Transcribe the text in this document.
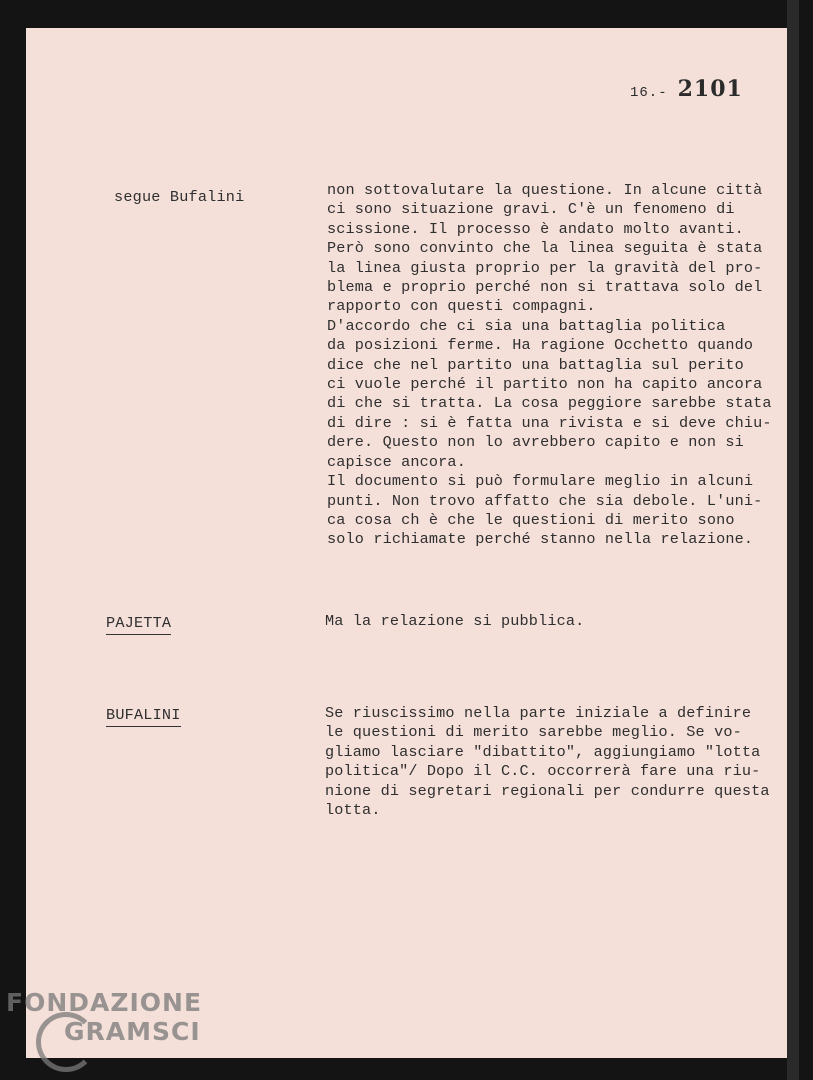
16.- 2101
segue Bufalini	non sottovalutare la questione. In alcune città
ci sono situazione gravi. C'è un fenomeno di
scissione. Il processo è andato molto avanti.
Però sono convinto che la linea seguita è stata
la linea giusta proprio per la gravità del pro-
blema e proprio perché non si trattava solo del
rapporto con questi compagni.
D'accordo che ci sia una battaglia politica
da posizioni ferme. Ha ragione Occhetto quando
dice che nel partito una battaglia sul perito
ci vuole perché il partito non ha capito ancora
di che si tratta. La cosa peggiore sarebbe stata
di dire : si è fatta una rivista e si deve chiu-
dere. Questo non lo avrebbero capito e non si
capisce ancora.
Il documento si può formulare meglio in alcuni
punti. Non trovo affatto che sia debole. L'uni-
ca cosa ch è che le questioni di merito sono
solo richiamate perché stanno nella relazione.
PAJETTA	Ma la relazione si pubblica.
BUFALINI	Se riuscissimo nella parte iniziale a definire
le questioni di merito sarebbe meglio. Se vo-
gliamo lasciare "dibattito", aggiungiamo "lotta
politica"/ Dopo il C.C. occorrerà fare una riu-
nione di segretari regionali per condurre questa
lotta.
FONDAZIONE
GRAMSCI
